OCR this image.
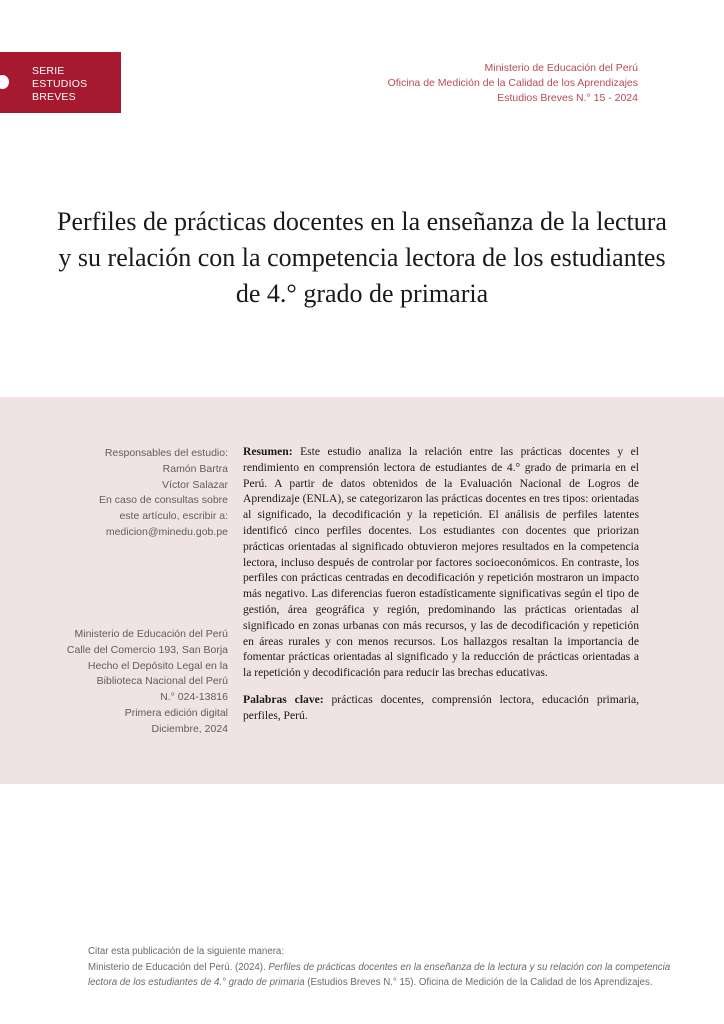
SERIE
ESTUDIOS
BREVES
Ministerio de Educación del Perú
Oficina de Medición de la Calidad de los Aprendizajes
Estudios Breves N.° 15 - 2024
Perfiles de prácticas docentes en la enseñanza de la lectura
y su relación con la competencia lectora de los estudiantes
de 4.° grado de primaria
Responsables del estudio:
Ramón Bartra
Víctor Salazar
En caso de consultas sobre
este artículo, escribir a:
medicion@minedu.gob.pe
Ministerio de Educación del Perú
Calle del Comercio 193, San Borja
Hecho el Depósito Legal en la
Biblioteca Nacional del Perú
N.° 024-13816
Primera edición digital
Diciembre, 2024

Resumen: Este estudio analiza la relación entre las prácticas docentes y el rendimiento en comprensión lectora de estudiantes de 4.° grado de primaria en el Perú. A partir de datos obtenidos de la Evaluación Nacional de Logros de Aprendizaje (ENLA), se categorizaron las prácticas docentes en tres tipos: orientadas al significado, la decodificación y la repetición. El análisis de perfiles latentes identificó cinco perfiles docentes. Los estudiantes con docentes que priorizan prácticas orientadas al significado obtuvieron mejores resultados en la competencia lectora, incluso después de controlar por factores socioeconómicos. En contraste, los perfiles con prácticas centradas en decodificación y repetición mostraron un impacto más negativo. Las diferencias fueron estadísticamente significativas según el tipo de gestión, área geográfica y región, predominando las prácticas orientadas al significado en zonas urbanas con más recursos, y las de decodificación y repetición en áreas rurales y con menos recursos. Los hallazgos resaltan la importancia de fomentar prácticas orientadas al significado y la reducción de prácticas orientadas a la repetición y decodificación para reducir las brechas educativas.

Palabras clave: prácticas docentes, comprensión lectora, educación primaria, perfiles, Perú.

Citar esta publicación de la siguiente manera:
Ministerio de Educación del Perú. (2024). Perfiles de prácticas docentes en la enseñanza de la lectura y su relación con la competencia
lectora de los estudiantes de 4.° grado de primaria (Estudios Breves N.° 15). Oficina de Medición de la Calidad de los Aprendizajes.
